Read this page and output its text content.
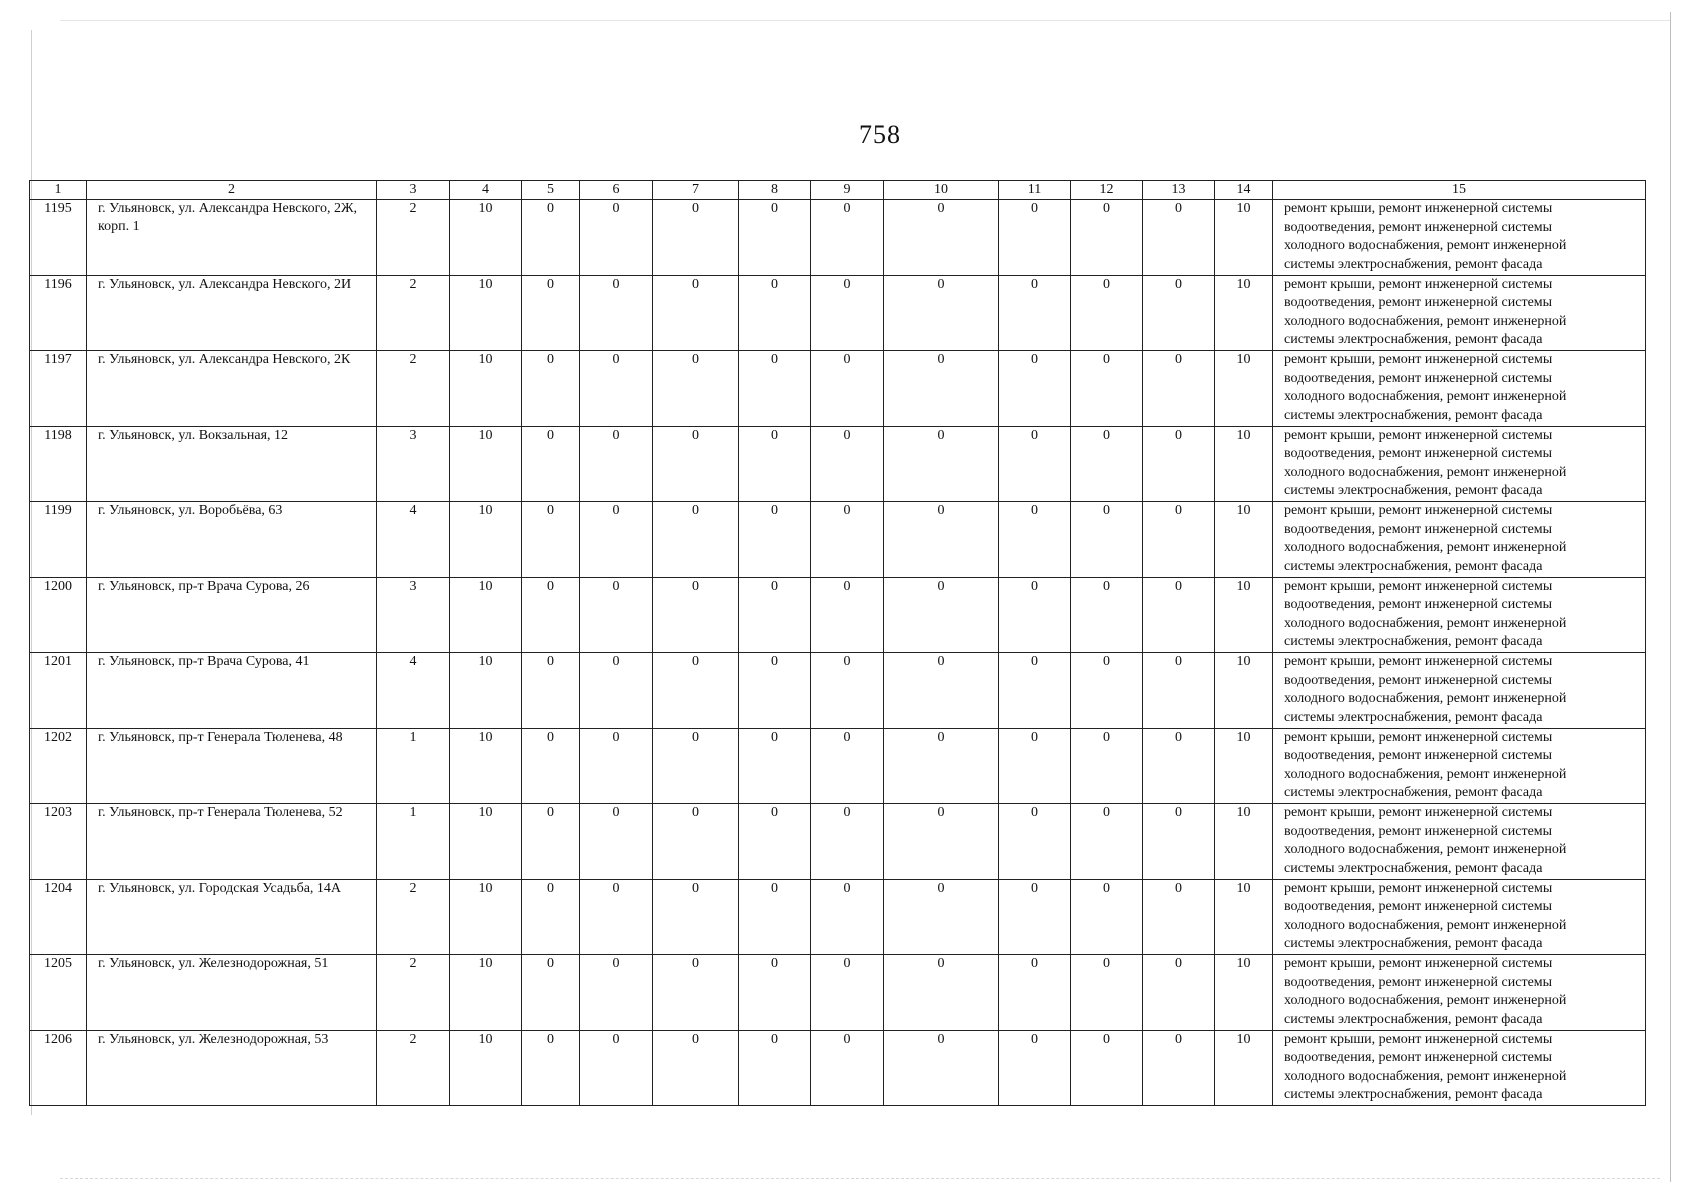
758
1	2	3	4	5	6	7	8	9	10	11	12	13	14	15
1195	г. Ульяновск, ул. Александра Невского, 2Ж, корп. 1	2	10	0	0	0	0	0	0	0	0	0	10	ремонт крыши, ремонт инженерной системы
водоотведения, ремонт инженерной системы
холодного водоснабжения, ремонт инженерной
системы электроснабжения, ремонт фасада

1196	г. Ульяновск, ул. Александра Невского, 2И	2	10	0	0	0	0	0	0	0	0	0	10	ремонт крыши, ремонт инженерной системы
водоотведения, ремонт инженерной системы
холодного водоснабжения, ремонт инженерной
системы электроснабжения, ремонт фасада

1197	г. Ульяновск, ул. Александра Невского, 2К	2	10	0	0	0	0	0	0	0	0	0	10	ремонт крыши, ремонт инженерной системы
водоотведения, ремонт инженерной системы
холодного водоснабжения, ремонт инженерной
системы электроснабжения, ремонт фасада

1198	г. Ульяновск, ул. Вокзальная, 12	3	10	0	0	0	0	0	0	0	0	0	10	ремонт крыши, ремонт инженерной системы
водоотведения, ремонт инженерной системы
холодного водоснабжения, ремонт инженерной
системы электроснабжения, ремонт фасада

1199	г. Ульяновск, ул. Воробьёва, 63	4	10	0	0	0	0	0	0	0	0	0	10	ремонт крыши, ремонт инженерной системы
водоотведения, ремонт инженерной системы
холодного водоснабжения, ремонт инженерной
системы электроснабжения, ремонт фасада

1200	г. Ульяновск, пр-т Врача Сурова, 26	3	10	0	0	0	0	0	0	0	0	0	10	ремонт крыши, ремонт инженерной системы
водоотведения, ремонт инженерной системы
холодного водоснабжения, ремонт инженерной
системы электроснабжения, ремонт фасада

1201	г. Ульяновск, пр-т Врача Сурова, 41	4	10	0	0	0	0	0	0	0	0	0	10	ремонт крыши, ремонт инженерной системы
водоотведения, ремонт инженерной системы
холодного водоснабжения, ремонт инженерной
системы электроснабжения, ремонт фасада

1202	г. Ульяновск, пр-т Генерала Тюленева, 48	1	10	0	0	0	0	0	0	0	0	0	10	ремонт крыши, ремонт инженерной системы
водоотведения, ремонт инженерной системы
холодного водоснабжения, ремонт инженерной
системы электроснабжения, ремонт фасада

1203	г. Ульяновск, пр-т Генерала Тюленева, 52	1	10	0	0	0	0	0	0	0	0	0	10	ремонт крыши, ремонт инженерной системы
водоотведения, ремонт инженерной системы
холодного водоснабжения, ремонт инженерной
системы электроснабжения, ремонт фасада

1204	г. Ульяновск, ул. Городская Усадьба, 14А	2	10	0	0	0	0	0	0	0	0	0	10	ремонт крыши, ремонт инженерной системы
водоотведения, ремонт инженерной системы
холодного водоснабжения, ремонт инженерной
системы электроснабжения, ремонт фасада

1205	г. Ульяновск, ул. Железнодорожная, 51	2	10	0	0	0	0	0	0	0	0	0	10	ремонт крыши, ремонт инженерной системы
водоотведения, ремонт инженерной системы
холодного водоснабжения, ремонт инженерной
системы электроснабжения, ремонт фасада

1206	г. Ульяновск, ул. Железнодорожная, 53	2	10	0	0	0	0	0	0	0	0	0	10	ремонт крыши, ремонт инженерной системы
водоотведения, ремонт инженерной системы
холодного водоснабжения, ремонт инженерной
системы электроснабжения, ремонт фасада
